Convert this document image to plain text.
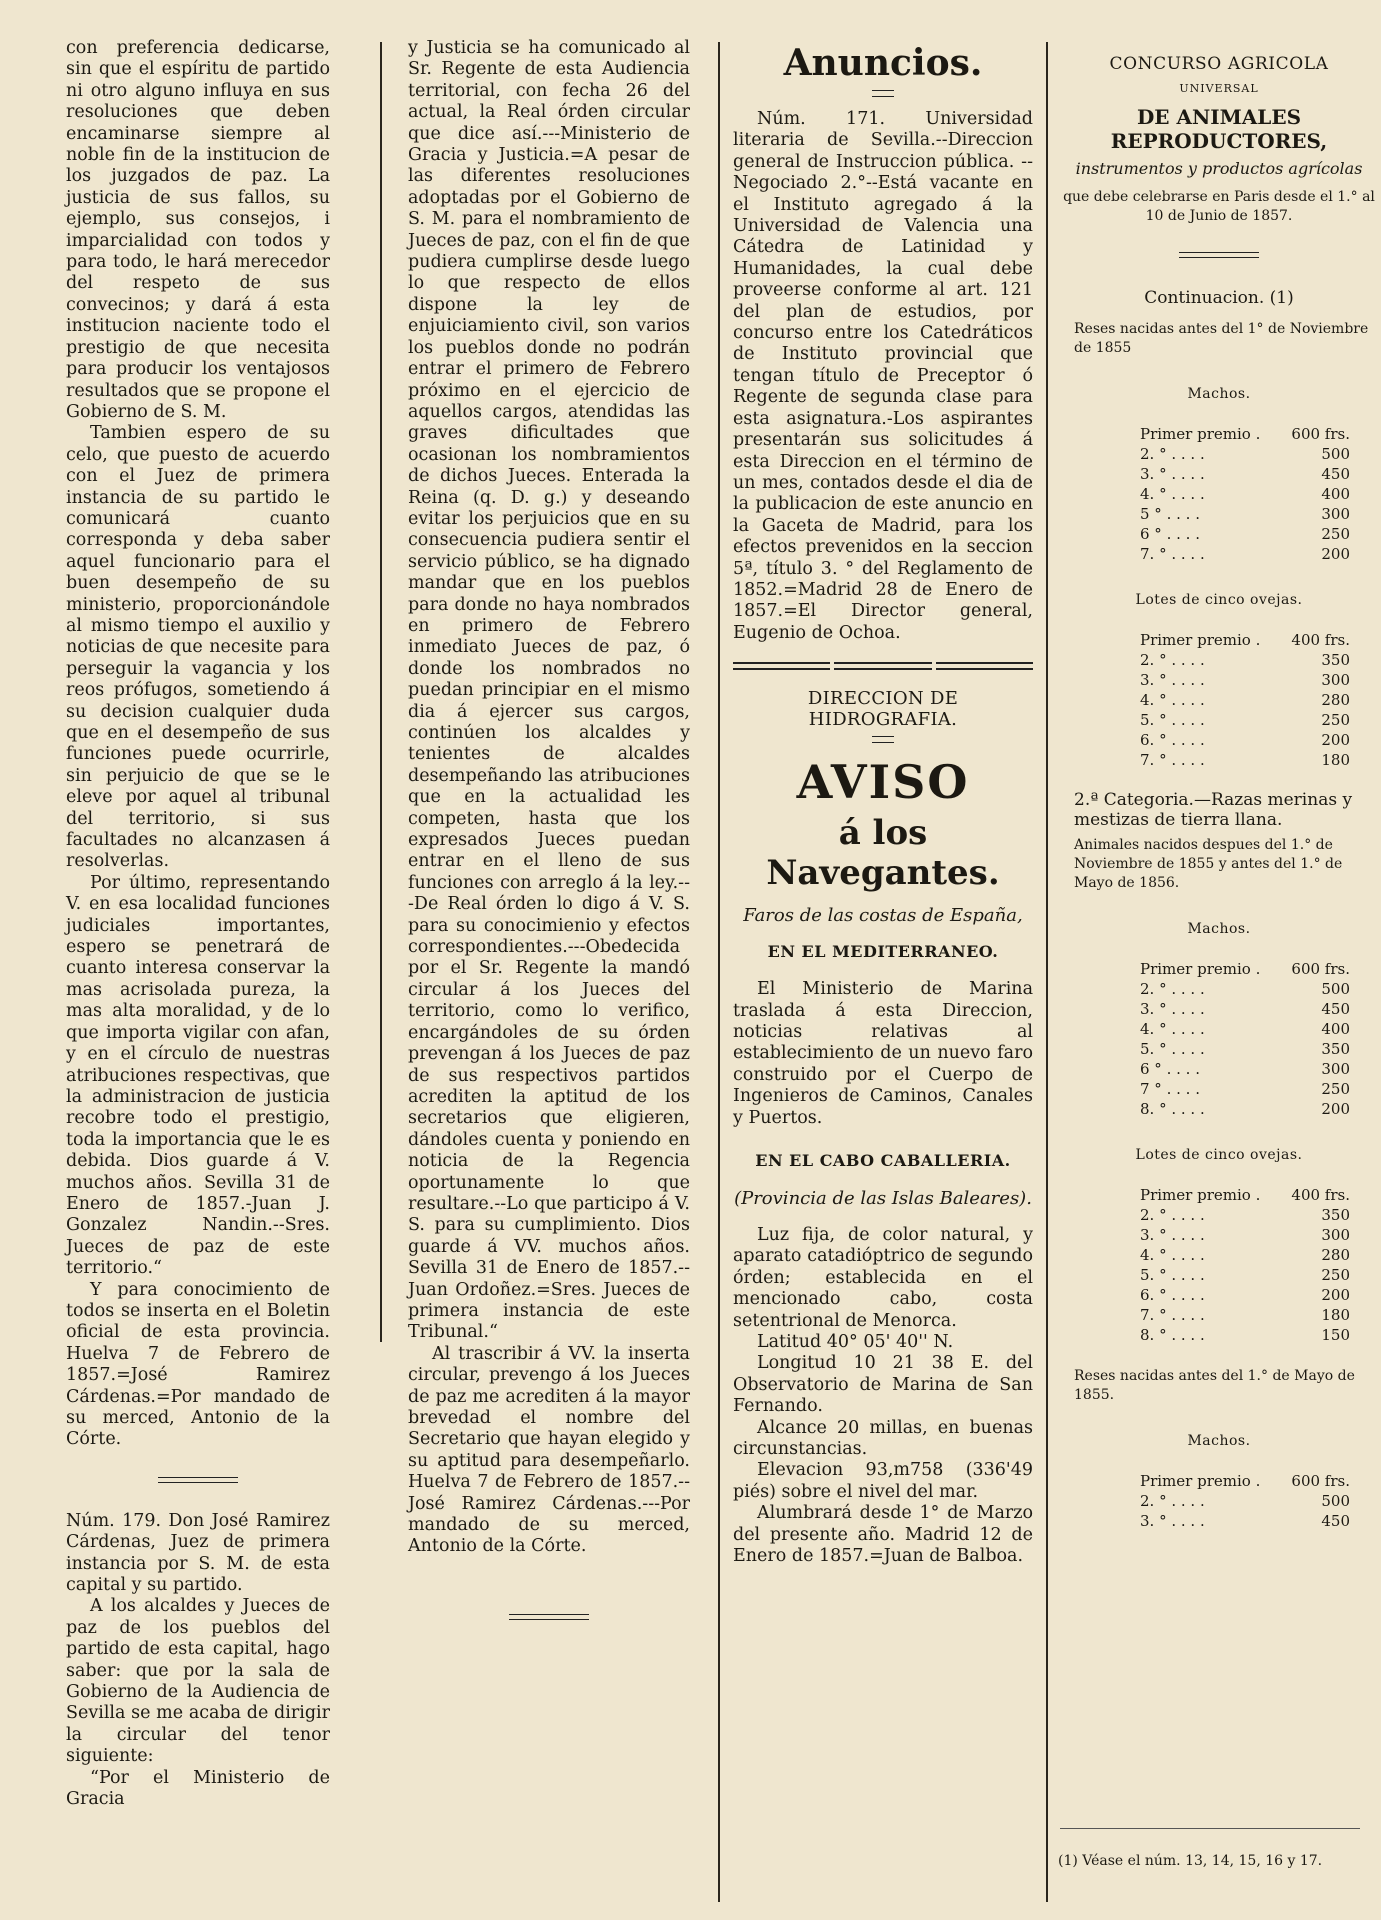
con preferencia dedicarse, sin que el espíritu de partido ni otro alguno influya en sus resoluciones que deben encaminarse siempre al noble fin de la institucion de los juzgados de paz. La justicia de sus fallos, su ejemplo, sus consejos, i imparcialidad con todos y para todo, le hará merecedor del respeto de sus convecinos; y dará á esta institucion naciente todo el prestigio de que necesita para producir los ventajosos resultados que se propone el Gobierno de S. M.

Tambien espero de su celo, que puesto de acuerdo con el Juez de primera instancia de su partido le comunicará cuanto corresponda y deba saber aquel funcionario para el buen desempeño de su ministerio, proporcionándole al mismo tiempo el auxilio y noticias de que necesite para perseguir la vagancia y los reos prófugos, sometiendo á su decision cualquier duda que en el desempeño de sus funciones puede ocurrirle, sin perjuicio de que se le eleve por aquel al tribunal del territorio, si sus facultades no alcanzasen á resolverlas.

Por último, representando V. en esa localidad funciones judiciales importantes, espero se penetrará de cuanto interesa conservar la mas acrisolada pureza, la mas alta moralidad, y de lo que importa vigilar con afan, y en el círculo de nuestras atribuciones respectivas, que la administracion de justicia recobre todo el prestigio, toda la importancia que le es debida. Dios guarde á V. muchos años. Sevilla 31 de Enero de 1857.-Juan J. Gonzalez Nandin.--Sres. Jueces de paz de este territorio.“

Y para conocimiento de todos se inserta en el Boletin oficial de esta provincia. Huelva 7 de Febrero de 1857.=José Ramirez Cárdenas.=Por mandado de su merced, Antonio de la Córte.

Núm. 179. Don José Ramirez Cárdenas, Juez de primera instancia por S. M. de esta capital y su partido.

A los alcaldes y Jueces de paz de los pueblos del partido de esta capital, hago saber: que por la sala de Gobierno de la Audiencia de Sevilla se me acaba de dirigir la circular del tenor siguiente:

“Por el Ministerio de Gracia

y Justicia se ha comunicado al Sr. Regente de esta Audiencia territorial, con fecha 26 del actual, la Real órden circular que dice así.---Ministerio de Gracia y Justicia.=A pesar de las diferentes resoluciones adoptadas por el Gobierno de S. M. para el nombramiento de Jueces de paz, con el fin de que pudiera cumplirse desde luego lo que respecto de ellos dispone la ley de enjuiciamiento civil, son varios los pueblos donde no podrán entrar el primero de Febrero próximo en el ejercicio de aquellos cargos, atendidas las graves dificultades que ocasionan los nombramientos de dichos Jueces. Enterada la Reina (q. D. g.) y deseando evitar los perjuicios que en su consecuencia pudiera sentir el servicio público, se ha dignado mandar que en los pueblos para donde no haya nombrados en primero de Febrero inmediato Jueces de paz, ó donde los nombrados no puedan principiar en el mismo dia á ejercer sus cargos, continúen los alcaldes y tenientes de alcaldes desempeñando las atribuciones que en la actualidad les competen, hasta que los expresados Jueces puedan entrar en el lleno de sus funciones con arreglo á la ley.---De Real órden lo digo á V. S. para su conocimienio y efectos correspondientes.---Obedecida por el Sr. Regente la mandó circular á los Jueces del territorio, como lo verifico, encargándoles de su órden prevengan á los Jueces de paz de sus respectivos partidos acrediten la aptitud de los secretarios que eligieren, dándoles cuenta y poniendo en noticia de la Regencia oportunamente lo que resultare.--Lo que participo á V. S. para su cumplimiento. Dios guarde á VV. muchos años. Sevilla 31 de Enero de 1857.--Juan Ordoñez.=Sres. Jueces de primera instancia de este Tribunal.“

Al trascribir á VV. la inserta circular, prevengo á los Jueces de paz me acrediten á la mayor brevedad el nombre del Secretario que hayan elegido y su aptitud para desempeñarlo. Huelva 7 de Febrero de 1857.--José Ramirez Cárdenas.---Por mandado de su merced, Antonio de la Córte.

Anuncios.

Núm. 171. Universidad literaria de Sevilla.--Direccion general de Instruccion pública. --Negociado 2.°--Está vacante en el Instituto agregado á la Universidad de Valencia una Cátedra de Latinidad y Humanidades, la cual debe proveerse conforme al art. 121 del plan de estudios, por concurso entre los Catedráticos de Instituto provincial que tengan título de Preceptor ó Regente de segunda clase para esta asignatura.-Los aspirantes presentarán sus solicitudes á esta Direccion en el término de un mes, contados desde el dia de la publicacion de este anuncio en la Gaceta de Madrid, para los efectos prevenidos en la seccion 5ª, título 3. ° del Reglamento de 1852.=Madrid 28 de Enero de 1857.=El Director general, Eugenio de Ochoa.

DIRECCION DE HIDROGRAFIA.
AVISO
á los Navegantes.
Faros de las costas de España,
EN EL MEDITERRANEO.

El Ministerio de Marina traslada á esta Direccion, noticias relativas al establecimiento de un nuevo faro construido por el Cuerpo de Ingenieros de Caminos, Canales y Puertos.

EN EL CABO CABALLERIA.
(Provincia de las Islas Baleares).

Luz fija, de color natural, y aparato catadióptrico de segundo órden; establecida en el mencionado cabo, costa setentrional de Menorca.

Latitud 40° 05' 40'' N.

Longitud 10 21 38 E. del Observatorio de Marina de San Fernando.

Alcance 20 millas, en buenas circunstancias.

Elevacion 93,m758 (336'49 piés) sobre el nivel del mar.

Alumbrará desde 1° de Marzo del presente año. Madrid 12 de Enero de 1857.=Juan de Balboa.

CONCURSO AGRICOLA
UNIVERSAL
DE ANIMALES REPRODUCTORES,
instrumentos y productos agrícolas

que debe celebrarse en Paris desde el 1.° al 10 de Junio de 1857.

Continuacion. (1)

Reses nacidas antes del 1° de Noviembre de 1855

Machos.
Primer premio .	600 frs.
2. ° . . . .	500
3. ° . . . .	450
4. ° . . . .	400
5 ° . . . .	300
6 ° . . . .	250
7. ° . . . .	200
Lotes de cinco ovejas.
Primer premio .	400 frs.
2. ° . . . .	350
3. ° . . . .	300
4. ° . . . .	280
5. ° . . . .	250
6. ° . . . .	200
7. ° . . . .	180

2.ª Categoria.—Razas merinas y mestizas de tierra llana.

Animales nacidos despues del 1.° de Noviembre de 1855 y antes del 1.° de Mayo de 1856.

Machos.
Primer premio .	600 frs.
2. ° . . . .	500
3. ° . . . .	450
4. ° . . . .	400
5. ° . . . .	350
6 ° . . . .	300
7 ° . . . .	250
8. ° . . . .	200
Lotes de cinco ovejas.
Primer premio .	400 frs.
2. ° . . . .	350
3. ° . . . .	300
4. ° . . . .	280
5. ° . . . .	250
6. ° . . . .	200
7. ° . . . .	180
8. ° . . . .	150

Reses nacidas antes del 1.° de Mayo de 1855.

Machos.
Primer premio .	600 frs.
2. ° . . . .	500
3. ° . . . .	450

(1) Véase el núm. 13, 14, 15, 16 y 17.
